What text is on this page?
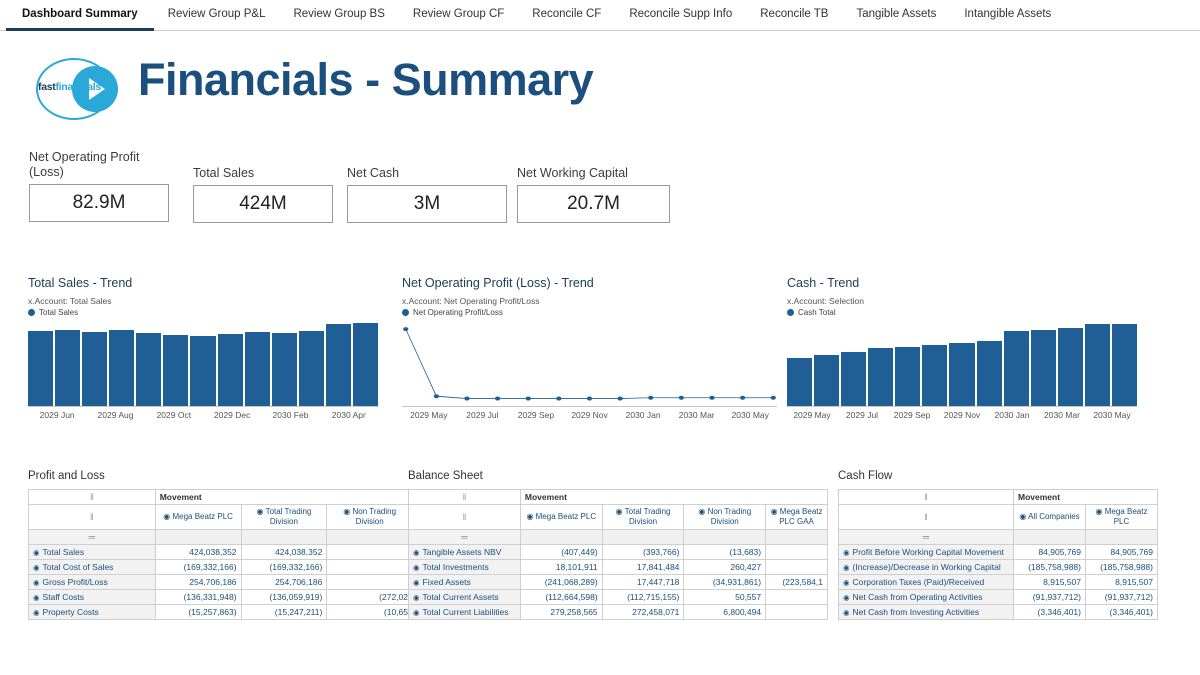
Dashboard Summary	Review Group P&L Review Group BS Review Group CF Reconcile CF Reconcile Supp Info Reconcile TB Tangible Assets Intangible Assets
fastfinancials Financials - Summary
Net Operating Profit (Loss)
82.9M
Total Sales
424M
Net Cash
3M
Net Working Capital
20.7M
Total Sales - Trend
x.Account: Total Sales
Total Sales
2029 Jun	2029 Aug	2029 Oct	2029 Dec	2030 Feb	2030 Apr
Net Operating Profit (Loss) - Trend
x.Account: Net Operating Profit/Loss
Net Operating Profit/Loss
2029 May	2029 Jul	2029 Sep	2029 Nov	2030 Jan	2030 Mar	2030 May
Cash - Trend
x.Account: Selection
Cash Total
2029 May	2029 Jul	2029 Sep	2029 Nov	2030 Jan	2030 Mar	2030 May
Profit and Loss
‖	Movement		
‖	◉ Mega Beatz PLC	◉ Total Trading Division	◉ Non Trading Division
═			
◉ Total Sales	424,038,352	424,038,352	
◉ Total Cost of Sales	(169,332,166)	(169,332,166)	
◉ Gross Profit/Loss	254,706,186	254,706,186	
◉ Staff Costs	(136,331,948)	(136,059,919)	(272,02
◉ Property Costs	(15,257,863)	(15,247,211)	(10,65
Balance Sheet
‖	Movement			
‖	◉ Mega Beatz PLC	◉ Total Trading Division	◉ Non Trading Division	◉ Mega Beatz PLC GAA
═				
◉ Tangible Assets NBV	(407,449)	(393,766)	(13,683)	
◉ Total Investments	18,101,911	17,841,484	260,427	
◉ Fixed Assets	(241,068,289)	17,447,718	(34,931,861)	(223,584,1
◉ Total Current Assets	(112,664,598)	(112,715,155)	50,557	
◉ Total Current Liabilities	279,258,565	272,458,071	6,800,494	
Cash Flow
‖	Movement	
‖	◉ All Companies	◉ Mega Beatz PLC
═		
◉ Profit Before Working Capital Movement	84,905,769	84,905,769
◉ (Increase)/Decrease in Working Capital	(185,758,988)	(185,758,988)
◉ Corporation Taxes (Paid)/Received	8,915,507	8,915,507
◉ Net Cash from Operating Activities	(91,937,712)	(91,937,712)
◉ Net Cash from Investing Activities	(3,346,401)	(3,346,401)
